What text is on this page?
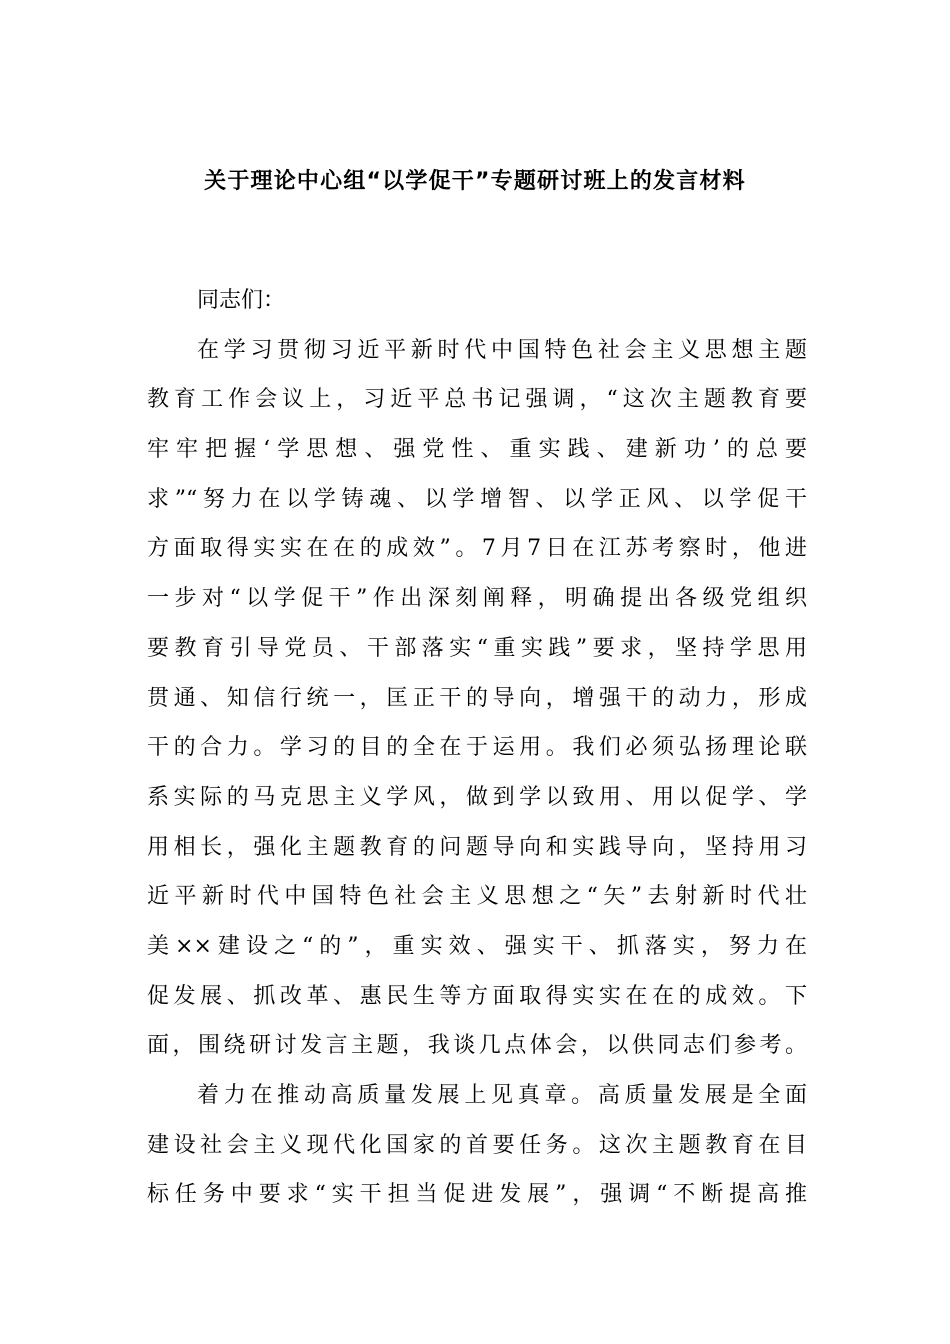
关于理论中心组“以学促干”专题研讨班上的发言材料
同志们：
在学习贯彻习近平新时代中国特色社会主义思想主题
教育工作会议上，习近平总书记强调，“这次主题教育要
牢牢把握‘学思想、强党性、重实践、建新功’的总要
求”“努力在以学铸魂、以学增智、以学正风、以学促干
方面取得实实在在的成效”。7月7日在江苏考察时，他进
一步对“以学促干”作出深刻阐释，明确提出各级党组织
要教育引导党员、干部落实“重实践”要求，坚持学思用
贯通、知信行统一，匡正干的导向，增强干的动力，形成
干的合力。学习的目的全在于运用。我们必须弘扬理论联
系实际的马克思主义学风，做到学以致用、用以促学、学
用相长，强化主题教育的问题导向和实践导向，坚持用习
近平新时代中国特色社会主义思想之“矢”去射新时代壮
美××建设之“的”，重实效、强实干、抓落实，努力在
促发展、抓改革、惠民生等方面取得实实在在的成效。下
面，围绕研讨发言主题，我谈几点体会，以供同志们参考。
着力在推动高质量发展上见真章。高质量发展是全面
建设社会主义现代化国家的首要任务。这次主题教育在目
标任务中要求“实干担当促进发展”，强调“不断提高推
